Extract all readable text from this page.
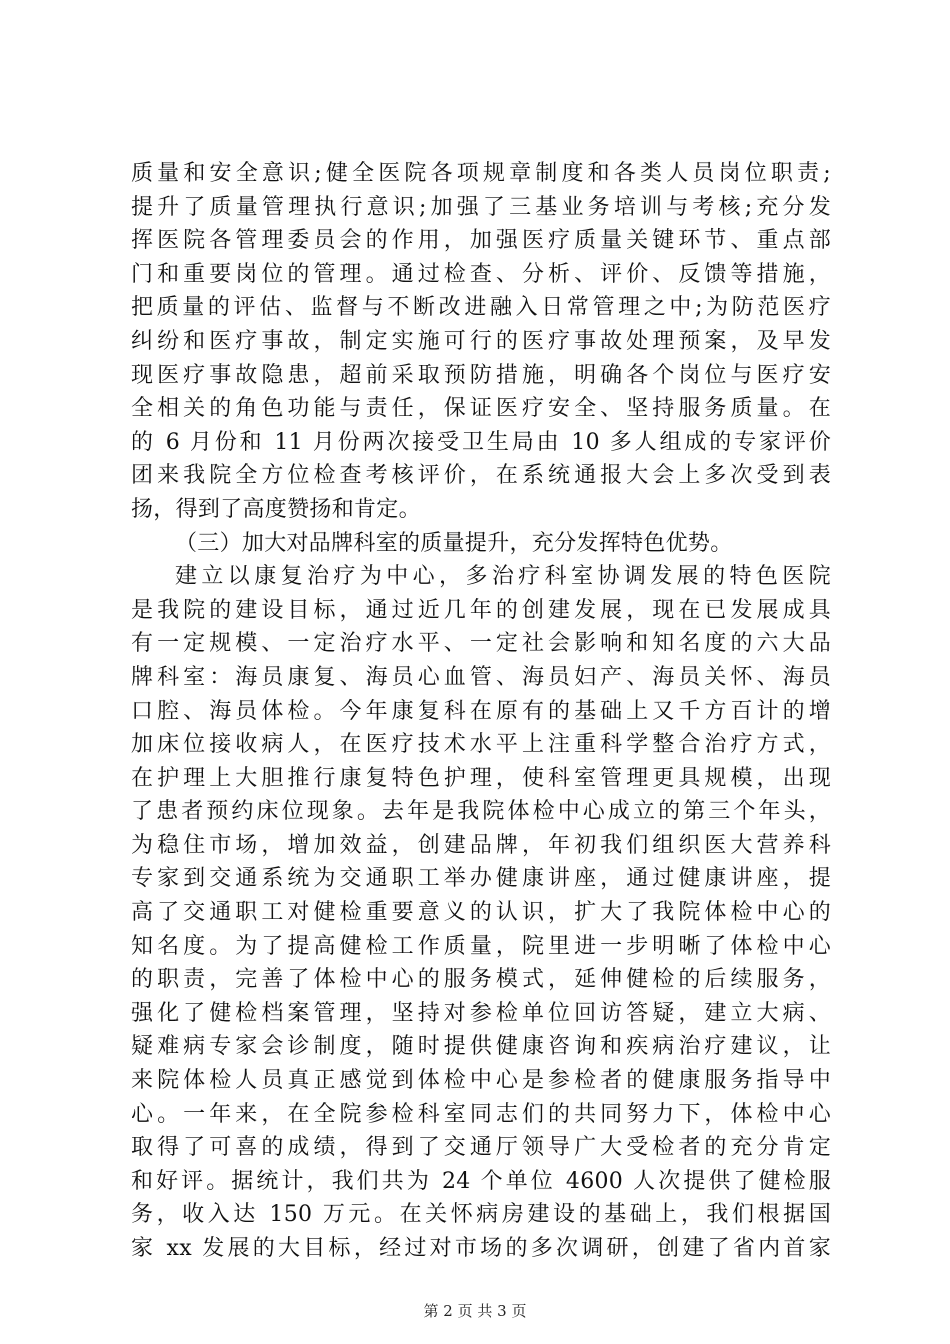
质量和安全意识;健全医院各项规章制度和各类人员岗位职责;
提升了质量管理执行意识;加强了三基业务培训与考核;充分发
挥医院各管理委员会的作用，加强医疗质量关键环节、重点部
门和重要岗位的管理。通过检查、分析、评价、反馈等措施，
把质量的评估、监督与不断改进融入日常管理之中;为防范医疗
纠纷和医疗事故，制定实施可行的医疗事故处理预案，及早发
现医疗事故隐患，超前采取预防措施，明确各个岗位与医疗安
全相关的角色功能与责任，保证医疗安全、坚持服务质量。在
的 6 月份和 11 月份两次接受卫生局由 10 多人组成的专家评价
团来我院全方位检查考核评价，在系统通报大会上多次受到表
扬，得到了高度赞扬和肯定。
（三）加大对品牌科室的质量提升，充分发挥特色优势。
建立以康复治疗为中心，多治疗科室协调发展的特色医院
是我院的建设目标，通过近几年的创建发展，现在已发展成具
有一定规模、一定治疗水平、一定社会影响和知名度的六大品
牌科室：海员康复、海员心血管、海员妇产、海员关怀、海员
口腔、海员体检。今年康复科在原有的基础上又千方百计的增
加床位接收病人，在医疗技术水平上注重科学整合治疗方式，
在护理上大胆推行康复特色护理，使科室管理更具规模，出现
了患者预约床位现象。去年是我院体检中心成立的第三个年头，
为稳住市场，增加效益，创建品牌，年初我们组织医大营养科
专家到交通系统为交通职工举办健康讲座，通过健康讲座，提
高了交通职工对健检重要意义的认识，扩大了我院体检中心的
知名度。为了提高健检工作质量，院里进一步明晰了体检中心
的职责，完善了体检中心的服务模式，延伸健检的后续服务，
强化了健检档案管理，坚持对参检单位回访答疑，建立大病、
疑难病专家会诊制度，随时提供健康咨询和疾病治疗建议，让
来院体检人员真正感觉到体检中心是参检者的健康服务指导中
心。一年来，在全院参检科室同志们的共同努力下，体检中心
取得了可喜的成绩，得到了交通厅领导广大受检者的充分肯定
和好评。据统计，我们共为 24 个单位 4600 人次提供了健检服
务，收入达 150 万元。在关怀病房建设的基础上，我们根据国
家 xx 发展的大目标，经过对市场的多次调研，创建了省内首家
第 2 页 共 3 页
